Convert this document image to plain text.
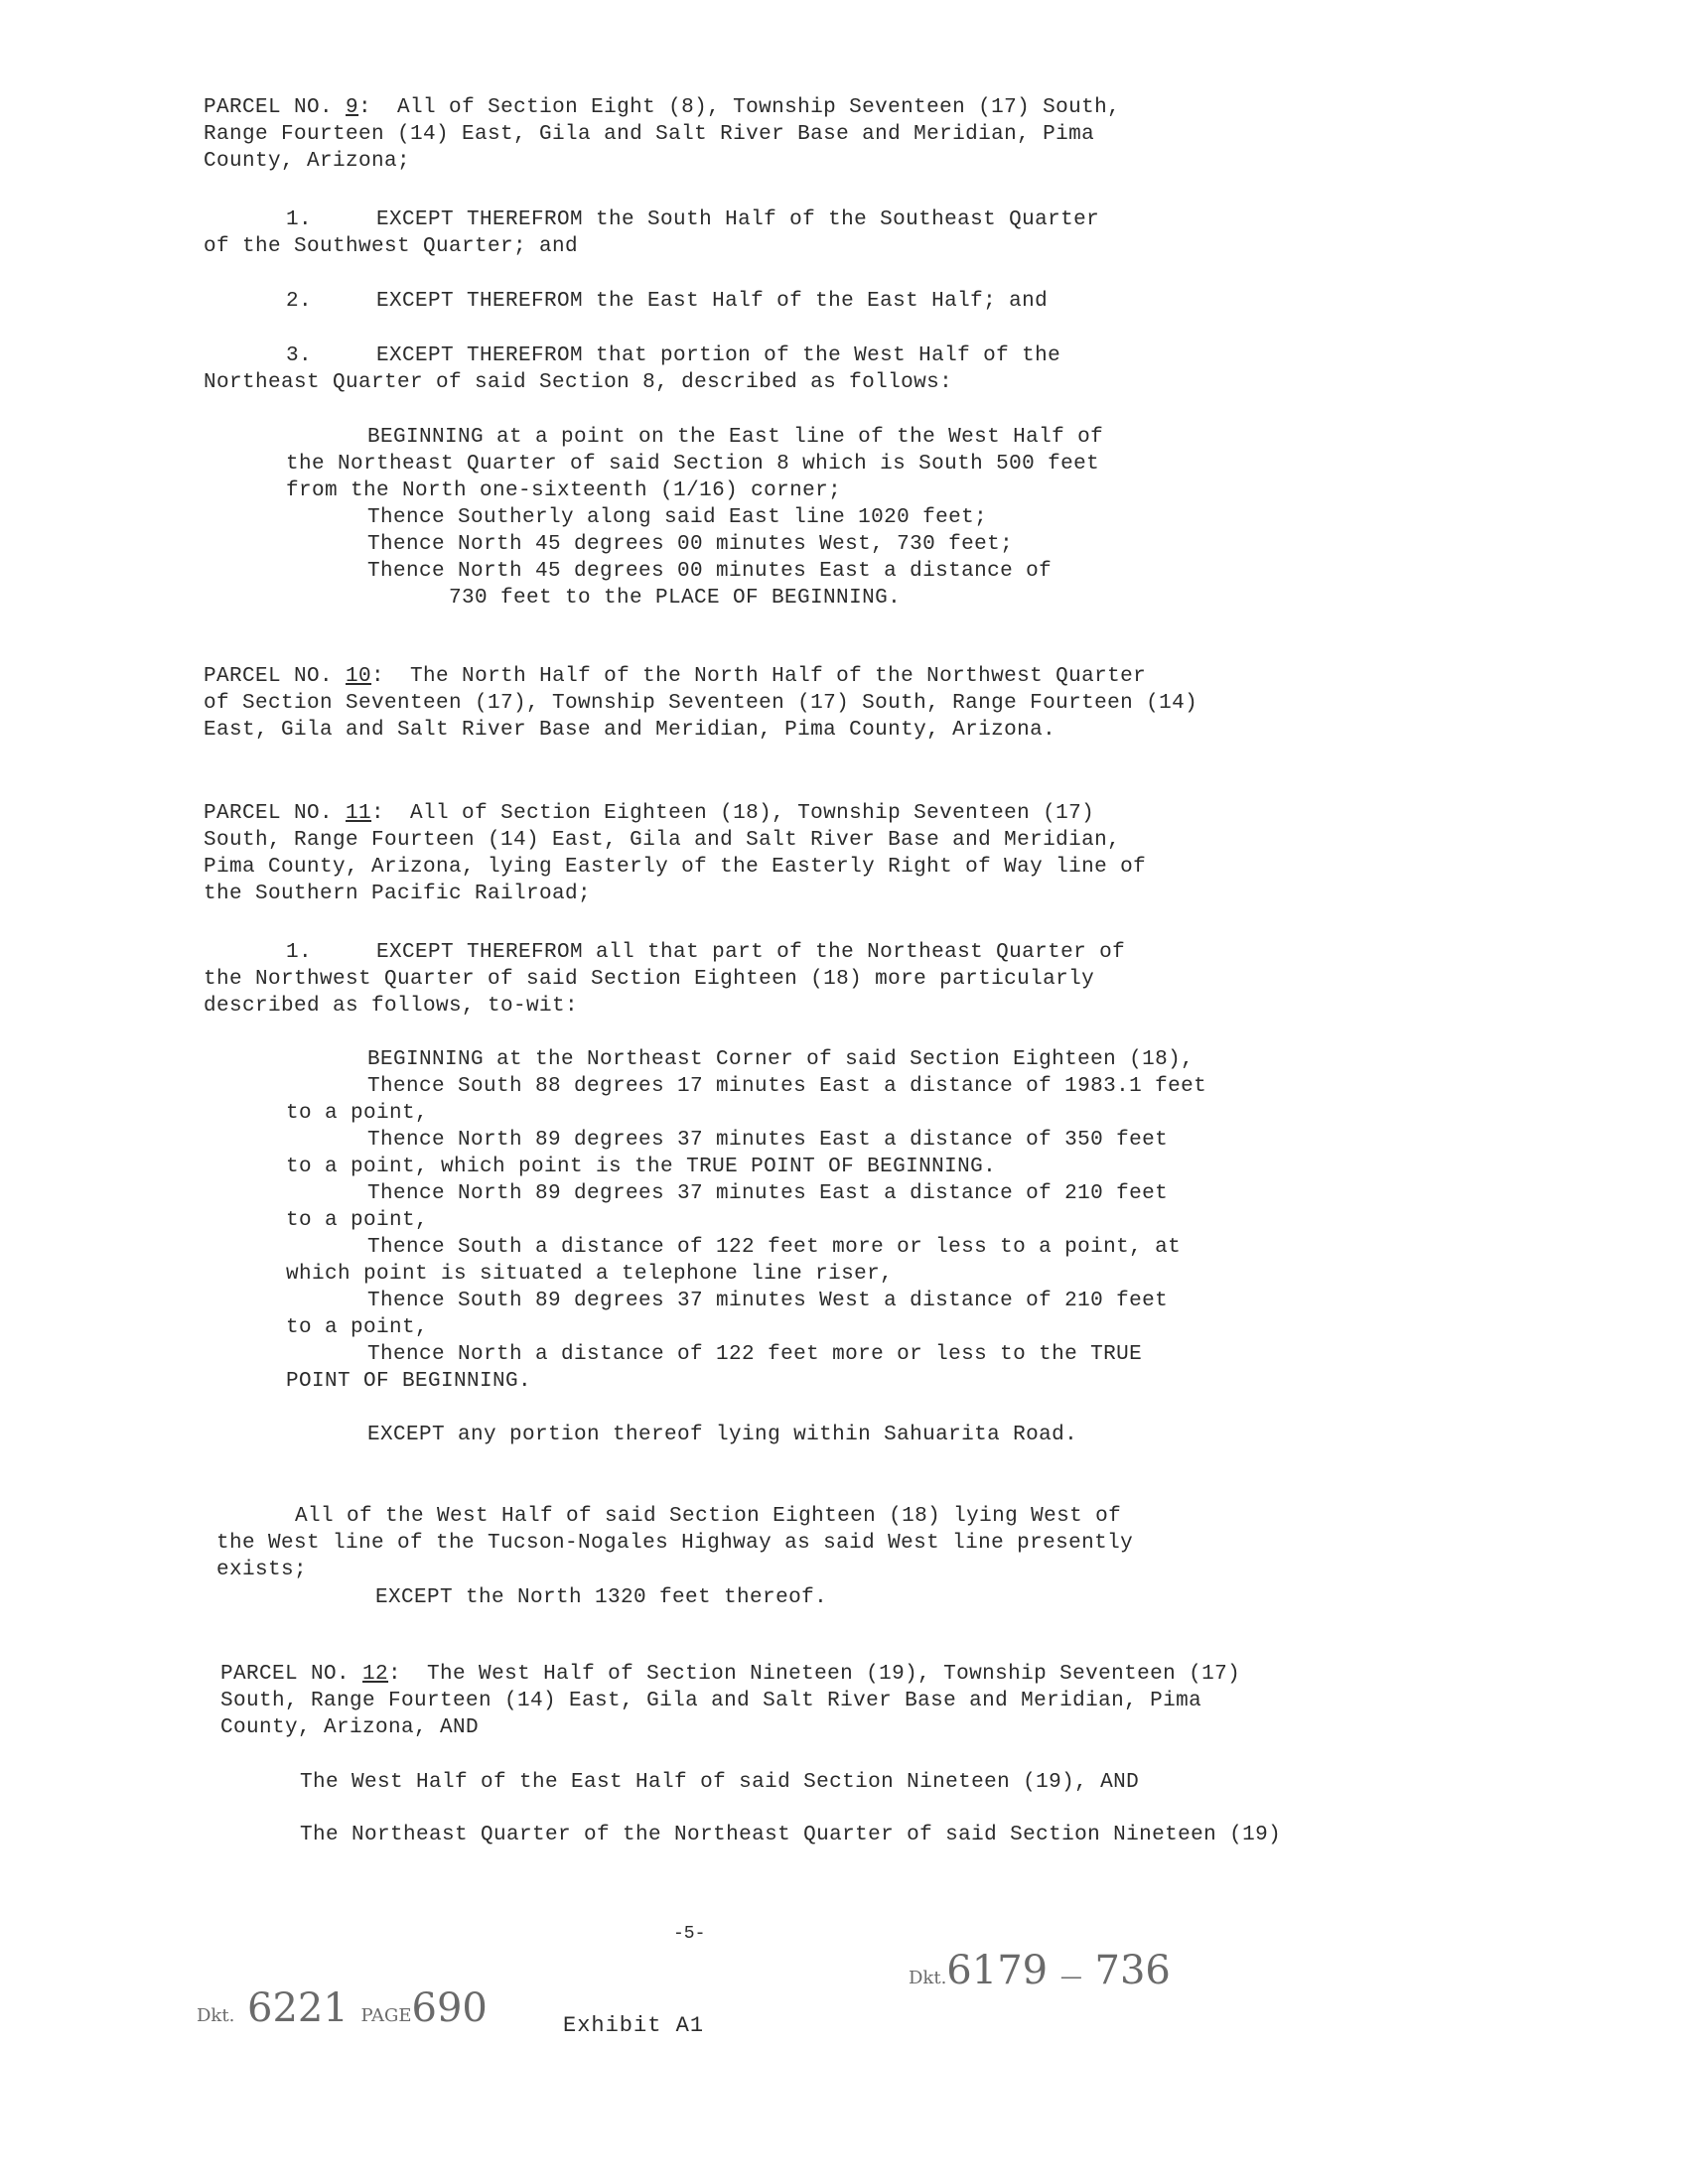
PARCEL NO. 9:  All of Section Eight (8), Township Seventeen (17) South,
Range Fourteen (14) East, Gila and Salt River Base and Meridian, Pima
County, Arizona;
1.     EXCEPT THEREFROM the South Half of the Southeast Quarter
of the Southwest Quarter; and
2.     EXCEPT THEREFROM the East Half of the East Half; and
3.     EXCEPT THEREFROM that portion of the West Half of the
Northeast Quarter of said Section 8, described as follows:
BEGINNING at a point on the East line of the West Half of
the Northeast Quarter of said Section 8 which is South 500 feet
from the North one-sixteenth (1/16) corner;
Thence Southerly along said East line 1020 feet;
Thence North 45 degrees 00 minutes West, 730 feet;
Thence North 45 degrees 00 minutes East a distance of
730 feet to the PLACE OF BEGINNING.
PARCEL NO. 10:  The North Half of the North Half of the Northwest Quarter
of Section Seventeen (17), Township Seventeen (17) South, Range Fourteen (14)
East, Gila and Salt River Base and Meridian, Pima County, Arizona.
PARCEL NO. 11:  All of Section Eighteen (18), Township Seventeen (17)
South, Range Fourteen (14) East, Gila and Salt River Base and Meridian,
Pima County, Arizona, lying Easterly of the Easterly Right of Way line of
the Southern Pacific Railroad;
1.     EXCEPT THEREFROM all that part of the Northeast Quarter of
the Northwest Quarter of said Section Eighteen (18) more particularly
described as follows, to-wit:
BEGINNING at the Northeast Corner of said Section Eighteen (18),
Thence South 88 degrees 17 minutes East a distance of 1983.1 feet
to a point,
Thence North 89 degrees 37 minutes East a distance of 350 feet
to a point, which point is the TRUE POINT OF BEGINNING.
Thence North 89 degrees 37 minutes East a distance of 210 feet
to a point,
Thence South a distance of 122 feet more or less to a point, at
which point is situated a telephone line riser,
Thence South 89 degrees 37 minutes West a distance of 210 feet
to a point,
Thence North a distance of 122 feet more or less to the TRUE
POINT OF BEGINNING.
EXCEPT any portion thereof lying within Sahuarita Road.
All of the West Half of said Section Eighteen (18) lying West of
the West line of the Tucson-Nogales Highway as said West line presently
exists;
EXCEPT the North 1320 feet thereof.
PARCEL NO. 12:  The West Half of Section Nineteen (19), Township Seventeen (17)
South, Range Fourteen (14) East, Gila and Salt River Base and Meridian, Pima
County, Arizona, AND
The West Half of the East Half of said Section Nineteen (19), AND
The Northeast Quarter of the Northeast Quarter of said Section Nineteen (19)
-5-
Dkt. 6221 PAGE690	Exhibit A1
Dkt.6179 — 736
